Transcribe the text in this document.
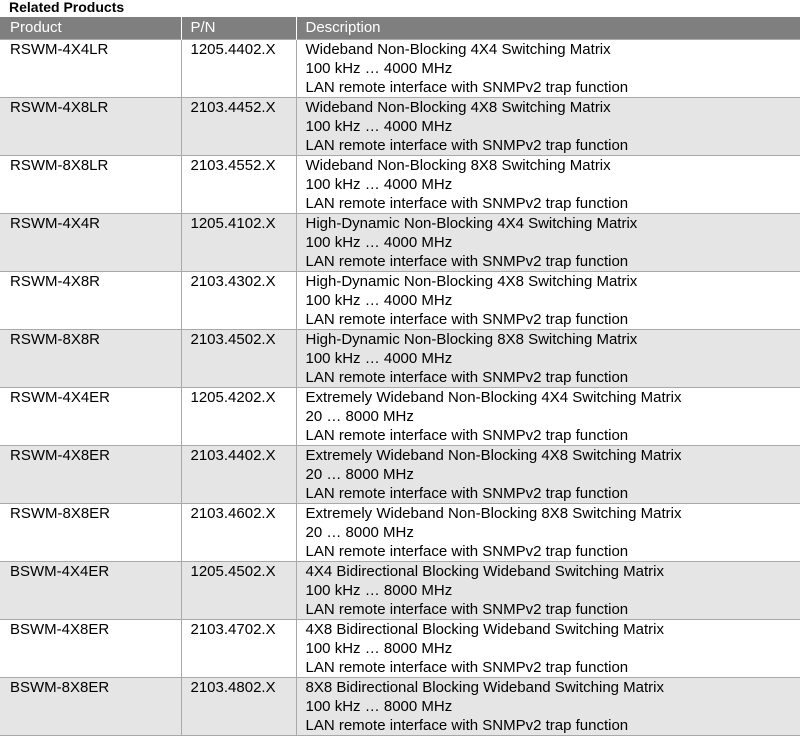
Related Products
Product	P/N	Description
RSWM-4X4LR	1205.4402.X	Wideband Non-Blocking 4X4 Switching Matrix
100 kHz … 4000 MHz
LAN remote interface with SNMPv2 trap function

RSWM-4X8LR	2103.4452.X	Wideband Non-Blocking 4X8 Switching Matrix
100 kHz … 4000 MHz
LAN remote interface with SNMPv2 trap function

RSWM-8X8LR	2103.4552.X	Wideband Non-Blocking 8X8 Switching Matrix
100 kHz … 4000 MHz
LAN remote interface with SNMPv2 trap function

RSWM-4X4R	1205.4102.X	High-Dynamic Non-Blocking 4X4 Switching Matrix
100 kHz … 4000 MHz
LAN remote interface with SNMPv2 trap function

RSWM-4X8R	2103.4302.X	High-Dynamic Non-Blocking 4X8 Switching Matrix
100 kHz … 4000 MHz
LAN remote interface with SNMPv2 trap function

RSWM-8X8R	2103.4502.X	High-Dynamic Non-Blocking 8X8 Switching Matrix
100 kHz … 4000 MHz
LAN remote interface with SNMPv2 trap function

RSWM-4X4ER	1205.4202.X	Extremely Wideband Non-Blocking 4X4 Switching Matrix
20 … 8000 MHz
LAN remote interface with SNMPv2 trap function

RSWM-4X8ER	2103.4402.X	Extremely Wideband Non-Blocking 4X8 Switching Matrix
20 … 8000 MHz
LAN remote interface with SNMPv2 trap function

RSWM-8X8ER	2103.4602.X	Extremely Wideband Non-Blocking 8X8 Switching Matrix
20 … 8000 MHz
LAN remote interface with SNMPv2 trap function

BSWM-4X4ER	1205.4502.X	4X4 Bidirectional Blocking Wideband Switching Matrix
100 kHz … 8000 MHz
LAN remote interface with SNMPv2 trap function

BSWM-4X8ER	2103.4702.X	4X8 Bidirectional Blocking Wideband Switching Matrix
100 kHz … 8000 MHz
LAN remote interface with SNMPv2 trap function

BSWM-8X8ER	2103.4802.X	8X8 Bidirectional Blocking Wideband Switching Matrix
100 kHz … 8000 MHz
LAN remote interface with SNMPv2 trap function
